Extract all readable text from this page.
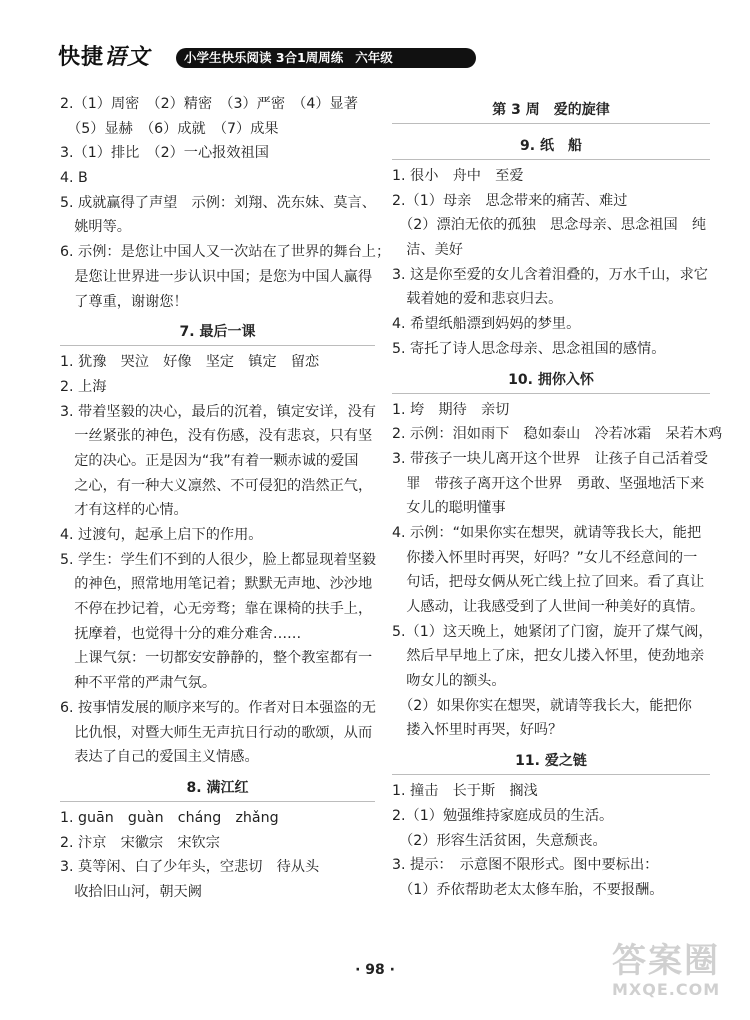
快捷 语文	小学生快乐阅读 3合1周周练 六年级
2.（1）周密　（2）精密　（3）严密　（4）显著
　（5）显赫　（6）成就　（7）成果
3.（1）排比　（2）一心报效祖国
4. B
5. 成就赢得了声望　示例：刘翔、冼东妹、莫言、
　姚明等。
6. 示例：是您让中国人又一次站在了世界的舞台上；
　是您让世界进一步认识中国；是您为中国人赢得
　了尊重，谢谢您！
7. 最后一课
1. 犹豫　哭泣　好像　坚定　镇定　留恋
2. 上海
3. 带着坚毅的决心，最后的沉着，镇定安详，没有
　一丝紧张的神色，没有伤感，没有悲哀，只有坚
　定的决心。正是因为“我”有着一颗赤诚的爱国
　之心，有一种大义凛然、不可侵犯的浩然正气，
　才有这样的心情。
4. 过渡句，起承上启下的作用。
5. 学生：学生们不到的人很少，脸上都显现着坚毅
　的神色，照常地用笔记着；默默无声地、沙沙地
　不停在抄记着，心无旁骛；靠在课椅的扶手上，
　抚摩着，也觉得十分的难分难舍……
　上课气氛：一切都安安静静的，整个教室都有一
　种不平常的严肃气氛。
6. 按事情发展的顺序来写的。作者对日本强盗的无
　比仇恨，对暨大师生无声抗日行动的歌颂，从而
　表达了自己的爱国主义情感。
8. 满江红
1. guān　guàn　cháng　zhǎng
2. 汴京　宋徽宗　宋钦宗
3. 莫等闲、白了少年头，空悲切　待从头
　收拾旧山河，朝天阙
第 3 周　爱的旋律
9. 纸　船
1. 很小　舟中　至爱
2.（1）母亲　思念带来的痛苦、难过
　（2）漂泊无依的孤独　思念母亲、思念祖国　纯
　洁、美好
3. 这是你至爱的女儿含着泪叠的，万水千山，求它
　载着她的爱和悲哀归去。
4. 希望纸船漂到妈妈的梦里。
5. 寄托了诗人思念母亲、思念祖国的感情。
10. 拥你入怀
1. 垮　期待　亲切
2. 示例：泪如雨下　稳如泰山　冷若冰霜　呆若木鸡
3. 带孩子一块儿离开这个世界　让孩子自己活着受
　罪　带孩子离开这个世界　勇敢、坚强地活下来
　女儿的聪明懂事
4. 示例：“如果你实在想哭，就请等我长大，能把
　你搂入怀里时再哭，好吗？”女儿不经意间的一
　句话，把母女俩从死亡线上拉了回来。看了真让
　人感动，让我感受到了人世间一种美好的真情。
5.（1）这天晚上，她紧闭了门窗，旋开了煤气阀，
　然后早早地上了床，把女儿搂入怀里，使劲地亲
　吻女儿的额头。
　（2）如果你实在想哭，就请等我长大，能把你
　搂入怀里时再哭，好吗？
11. 爱之链
1. 撞击　长于斯　搁浅
2.（1）勉强维持家庭成员的生活。
　（2）形容生活贫困，失意颓丧。
3. 提示：　示意图不限形式。图中要标出：
　（1）乔依帮助老太太修车胎，不要报酬。
· 98 ·	答案圈
MXQE.COM
